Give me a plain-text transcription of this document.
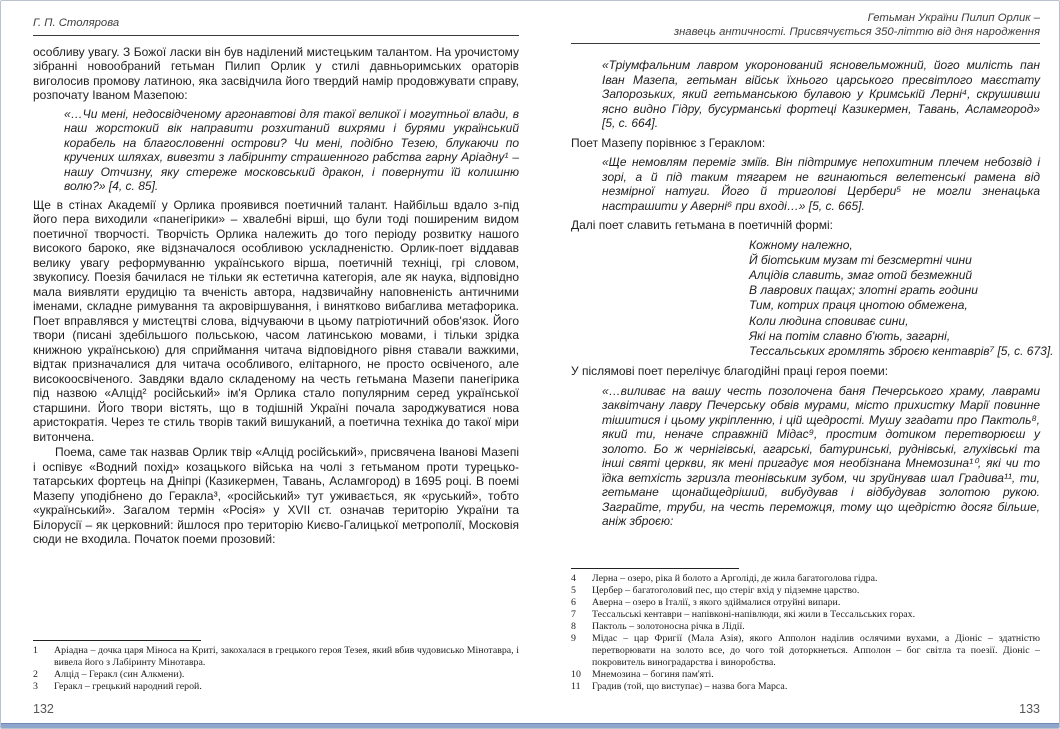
Г. П. Столярова

особливу увагу. З Божої ласки він був наділений мистецьким талантом. На урочистому зібранні новообраний гетьман Пилип Орлик у стилі давньоримських ораторів виголосив промову латиною, яка засвідчила його твердий намір продовжувати справу, розпочату Іваном Мазепою:

«…Чи мені, недосвідченому аргонавтові для такої великої і могутньої влади, в наш жорстокий вік направити розхитаний вихрями і бурями український корабель на благословенні острови? Чи мені, подібно Тезею, блукаючи по кручених шляхах, вивезти з лабіринту страшенного рабства гарну Аріадну¹ – нашу Отчизну, яку стереже московський дракон, і повернути їй колишню волю?» [4, с. 85].

Ще в стінах Академії у Орлика проявився поетичний талант. Найбільш вдало з-під його пера виходили «панегірики» – хвалебні вірші, що були тоді поширеним видом поетичної творчості. Творчість Орлика належить до того періоду розвитку нашого високого бароко, яке відзначалося особливою ускладненістю. Орлик-поет віддавав велику увагу реформуванню українського вірша, поетичній техніці, грі словом, звукопису. Поезія бачилася не тільки як естетична категорія, але як наука, відповідно мала виявляти ерудицію та вченість автора, надзвичайну наповненість античними іменами, складне римування та акровіршування, і винятково вибаглива метафорика. Поет вправлявся у мистецтві слова, відчуваючи в цьому патріотичний обов'язок. Його твори (писані здебільшого польською, часом латинською мовами, і тільки зрідка книжною українською) для сприймання читача відповідного рівня ставали важкими, відтак призначалися для читача особливого, елітарного, не просто освіченого, але високоосвіченого. Завдяки вдало складеному на честь гетьмана Мазепи панегірика під назвою «Алцід² російський» ім'я Орлика стало популярним серед української старшини. Його твори вістять, що в тодішній Україні почала зароджуватися нова аристократія. Через те стиль творів такий вишуканий, а поетична техніка до такої міри витончена.

Поема, саме так назвав Орлик твір «Алцід російський», присвячена Іванові Мазепі і оспівує «Водний похід» козацького війська на чолі з гетьманом проти турецько-татарських фортець на Дніпрі (Казикермен, Тавань, Асламгород) в 1695 році. В поемі Мазепу уподібнено до Геракла³, «російський» тут уживається, як «руський», тобто «український». Загалом термін «Росія» у XVII ст. означав територію України та Білорусії – як церковний: йшлося про територію Києво-Галицької метрополії, Московія сюди не входила. Початок поеми прозовий:

1	Аріадна – дочка царя Міноса на Криті, закохалася в грецького героя Тезея, який вбив чудовисько Мінотавра, і вивела його з Лабіринту Мінотавра.
2	Алцід – Геракл (син Алкмени).
3	Геракл – грецький народний герой.
132
Гетьман України Пилип Орлик –
знавець античності. Присвячується 350-літтю від дня народження

«Тріумфальним лавром укоронований ясновельможний, його милість пан Іван Мазепа, гетьман військ їхнього царського пресвітлого маєстату Запорозьких, який гетьманською булавою у Кримській Лерні⁴, скрушивши ясно видно Гідру, бусурманські фортеці Казикермен, Тавань, Асламгород» [5, с. 664].

Поет Мазепу порівнює з Гераклом:

«Ще немовлям переміг зміїв. Він підтримує непохитним плечем небозвід і зорі, а й під таким тягарем не вгинаються велетенські рамена від незмірної натуги. Його й триголові Цербери⁵ не могли зненацька настрашити у Аверні⁶ при вході…» [5, с. 665].

Далі поет славить гетьмана в поетичній формі:

Кожному належно,
Й біотським музам ті безсмертні чини
Алцідів славить, змаг отой безмежний
В лаврових пащах; злотні грать години
Тим, котрих праця цнотою обмежена,
Коли людина сповиває сини,
Які на потім славно б'ють, загарні,
Тессальських громлять зброєю кентаврів⁷ [5, с. 673].

У післямові поет перелічує благодійні праці героя поеми:

«…виливає на вашу честь позолочена баня Печерського храму, лаврами заквітчану лавру Печерську обвів мурами, місто прихистку Марії повинне тішитися і цьому укріпленню, і цій щедрості. Мушу згадати про Пактоль⁸, який ти, неначе справжній Мідас⁹, простим дотиком перетворюєш у золото. Бо ж чернігівські, агарські, батуринські, руднівські, глухівські та інші святі церкви, як мені пригадує моя необізнана Мнемозина¹⁰, які чи то їдка ветхість згризла теонівським зубом, чи зруйнував шал Градива¹¹, ти, гетьмане щонайщедріший, вибудував і відбудував золотою рукою. Заграйте, труби, на честь переможця, тому що щедрістю досяг більше, аніж зброєю:

4	Лерна – озеро, ріка й болото а Арголіді, де жила багатоголова гідра.
5	Цербер – багатоголовий пес, що стеріг вхід у підземне царство.
6	Аверна – озеро в Італії, з якого здіймалися отруйні випари.
7	Тессальські кентаври – напівконі-напівлюди, які жили в Тессальських горах.
8	Пактоль – золотоносна річка в Лідії.
9	Мідас – цар Фригії (Мала Азія), якого Апполон наділив ослячими вухами, а Діоніс – здатністю перетворювати на золото все, до чого той доторкнеться. Апполон – бог світла та поезії. Діоніс – покровитель виноградарства і виноробства.
10	Мнемозина – богиня пам'яті.
11	Градив (той, що виступає) – назва бога Марса.
133
